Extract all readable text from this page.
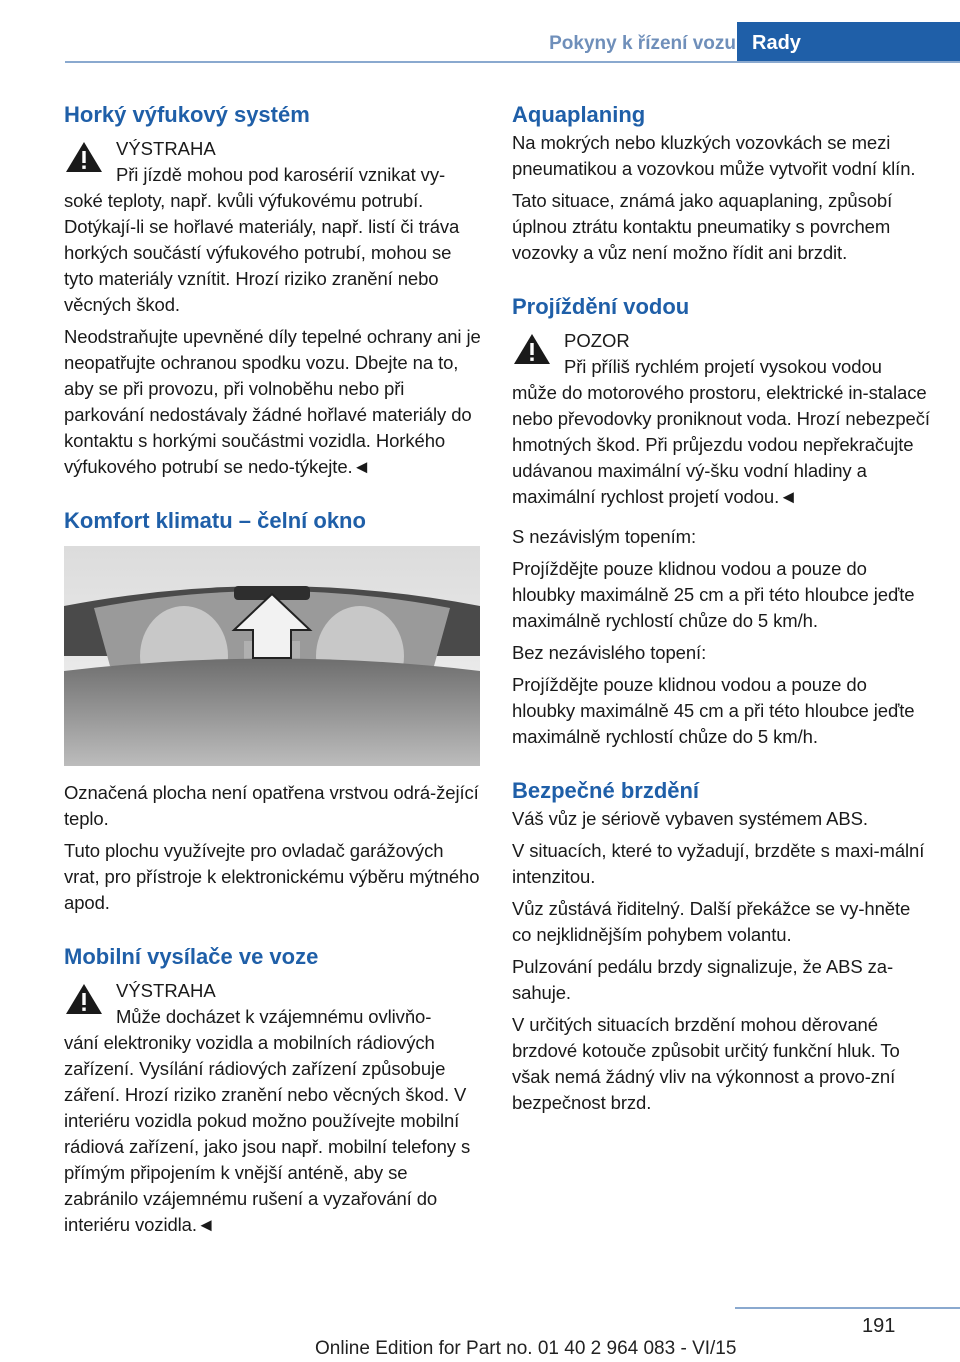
Pokyny k řízení vozu Rady
Horký výfukový systém
VÝSTRAHA

Při jízdě mohou pod karosérií vznikat vy‐

soké teploty, např. kvůli výfukovému potrubí. Dotýkají-li se hořlavé materiály, např. listí či tráva horkých součástí výfukového potrubí, mohou se tyto materiály vznítit. Hrozí riziko zranění nebo věcných škod.

Neodstraňujte upevněné díly tepelné ochrany ani je neopatřujte ochranou spodku vozu. Dbejte na to, aby se při provozu, při volnoběhu nebo při parkování nedostávaly žádné hořlavé materiály do kontaktu s horkými součástmi vozidla. Horkého výfukového potrubí se nedo‐týkejte.◄

Komfort klimatu – čelní okno

Označená plocha není opatřena vrstvou odrá‐žející teplo.

Tuto plochu využívejte pro ovladač garážových vrat, pro přístroje k elektronickému výběru mýtného apod.

Mobilní vysílače ve voze
VÝSTRAHA

Může docházet k vzájemnému ovlivňo‐

vání elektroniky vozidla a mobilních rádiových zařízení. Vysílání rádiových zařízení způsobuje záření. Hrozí riziko zranění nebo věcných škod. V interiéru vozidla pokud možno používejte mobilní rádiová zařízení, jako jsou např. mobilní telefony s přímým připojením k vnější anténě, aby se zabránilo vzájemnému rušení a vyzařování do interiéru vozidla.◄

Aquaplaning

Na mokrých nebo kluzkých vozovkách se mezi pneumatikou a vozovkou může vytvořit vodní klín.

Tato situace, známá jako aquaplaning, způsobí úplnou ztrátu kontaktu pneumatiky s povrchem vozovky a vůz není možno řídit ani brzdit.

Projíždění vodou
POZOR

Při příliš rychlém projetí vysokou vodou

může do motorového prostoru, elektrické in‐stalace nebo převodovky proniknout voda. Hrozí nebezpečí hmotných škod. Při průjezdu vodou nepřekračujte udávanou maximální vý‐šku vodní hladiny a maximální rychlost projetí vodou.◄

S nezávislým topením:

Projíždějte pouze klidnou vodou a pouze do hloubky maximálně 25 cm a při této hloubce jeďte maximálně rychlostí chůze do 5 km/h.

Bez nezávislého topení:

Projíždějte pouze klidnou vodou a pouze do hloubky maximálně 45 cm a při této hloubce jeďte maximálně rychlostí chůze do 5 km/h.

Bezpečné brzdění

Váš vůz je sériově vybaven systémem ABS.

V situacích, které to vyžadují, brzděte s maxi‐mální intenzitou.

Vůz zůstává řiditelný. Další překážce se vy‐hněte co nejklidnějším pohybem volantu.

Pulzování pedálu brzdy signalizuje, že ABS za‐sahuje.

V určitých situacích brzdění mohou děrované brzdové kotouče způsobit určitý funkční hluk. To však nemá žádný vliv na výkonnost a provo‐zní bezpečnost brzd.

191
Online Edition for Part no. 01 40 2 964 083 - VI/15
